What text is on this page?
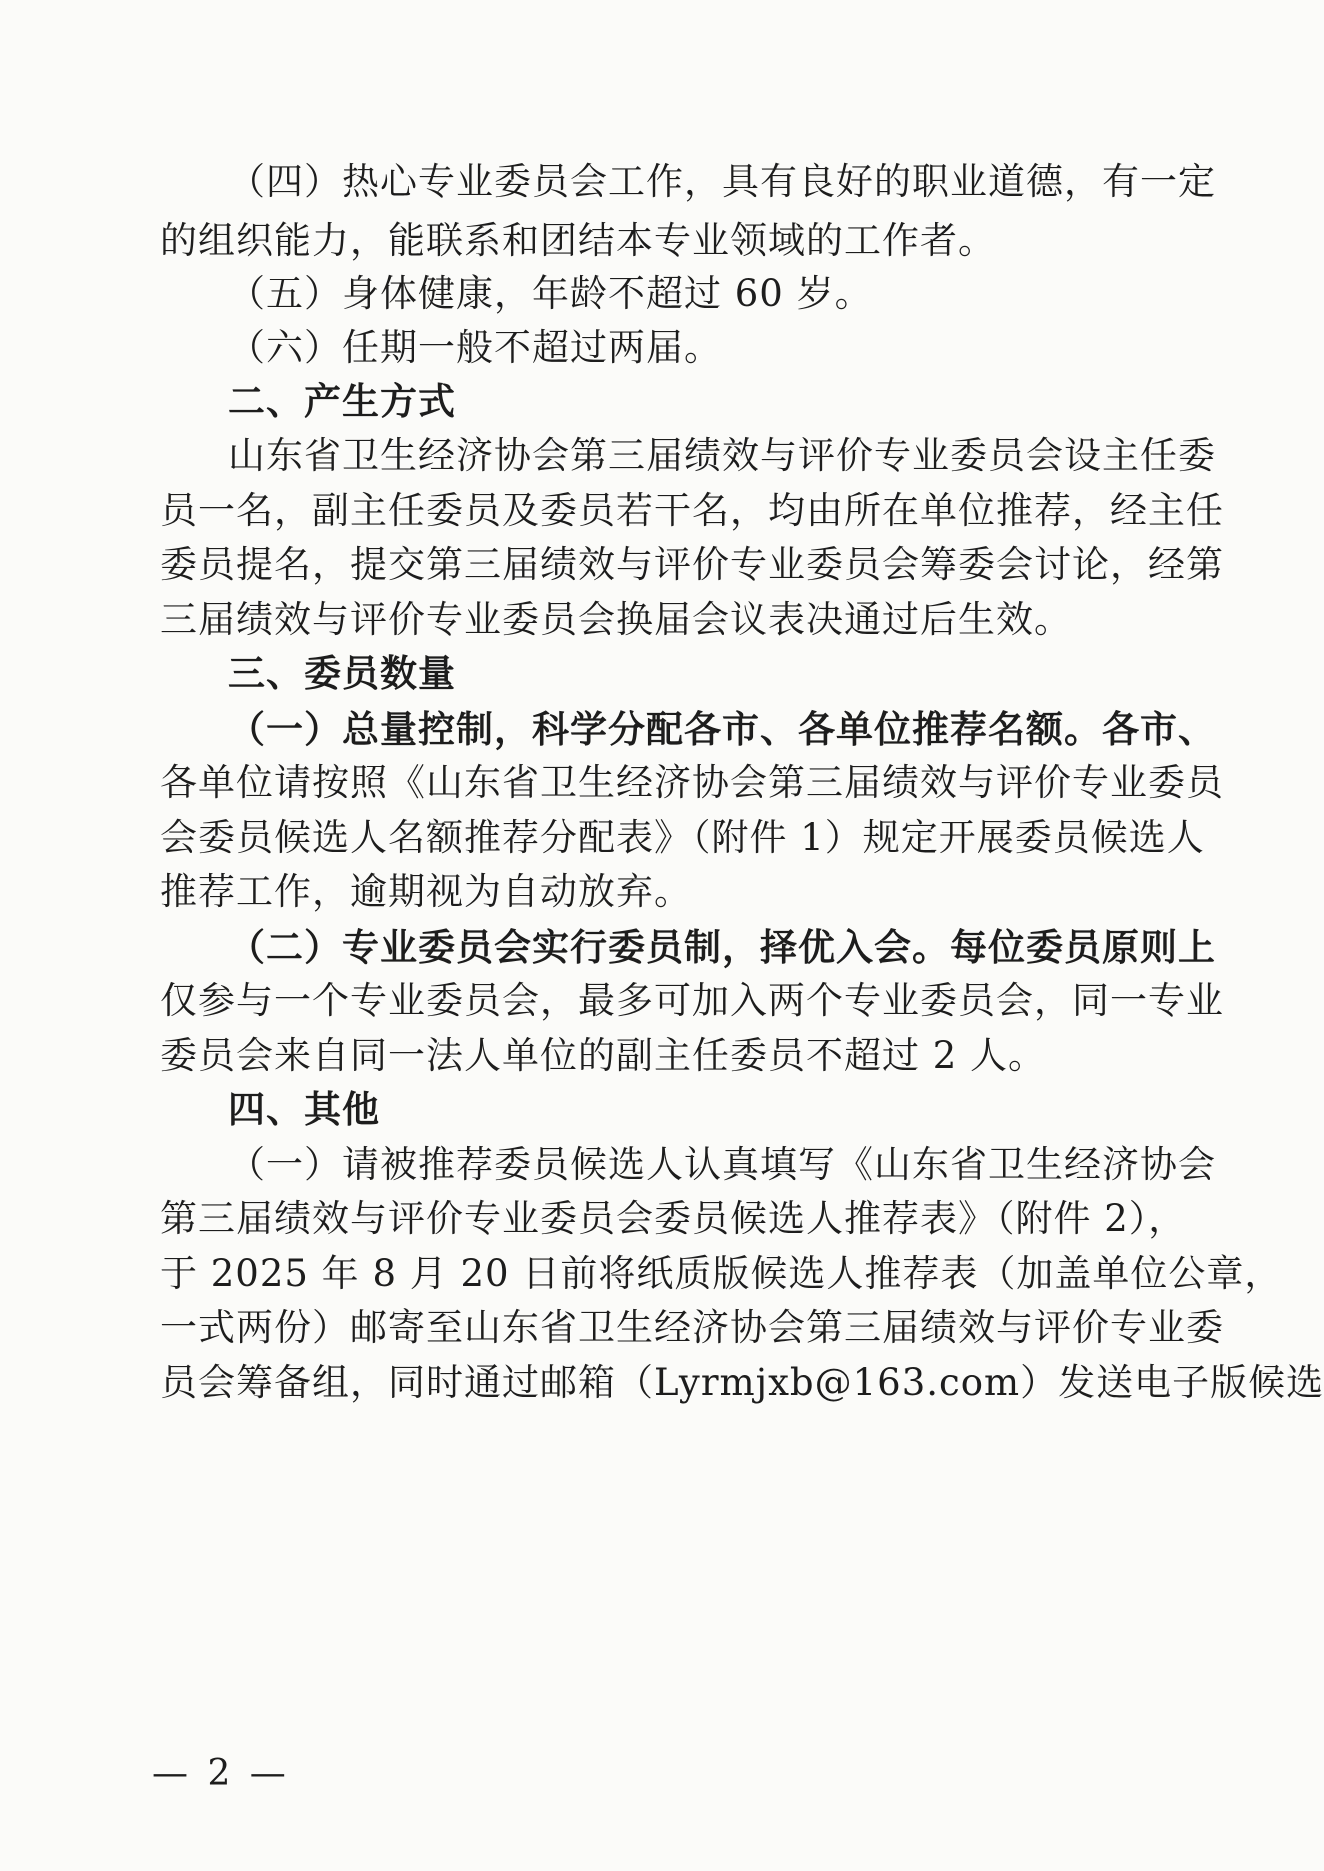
（四）热心专业委员会工作，具有良好的职业道德，有一定
的组织能力，能联系和团结本专业领域的工作者。
（五）身体健康，年龄不超过 60 岁。
（六）任期一般不超过两届。
二、产生方式
山东省卫生经济协会第三届绩效与评价专业委员会设主任委
员一名，副主任委员及委员若干名，均由所在单位推荐，经主任
委员提名，提交第三届绩效与评价专业委员会筹委会讨论，经第
三届绩效与评价专业委员会换届会议表决通过后生效。
三、委员数量
（一）总量控制，科学分配各市、各单位推荐名额。各市、
各单位请按照《山东省卫生经济协会第三届绩效与评价专业委员
会委员候选人名额推荐分配表》（附件 1）规定开展委员候选人
推荐工作，逾期视为自动放弃。
（二）专业委员会实行委员制，择优入会。每位委员原则上
仅参与一个专业委员会，最多可加入两个专业委员会，同一专业
委员会来自同一法人单位的副主任委员不超过 2 人。
四、其他
（一）请被推荐委员候选人认真填写《山东省卫生经济协会
第三届绩效与评价专业委员会委员候选人推荐表》（附件 2），
于 2025 年 8 月 20 日前将纸质版候选人推荐表（加盖单位公章，
一式两份）邮寄至山东省卫生经济协会第三届绩效与评价专业委
员会筹备组，同时通过邮箱（Lyrmjxb@163.com）发送电子版候选
— 2 —
